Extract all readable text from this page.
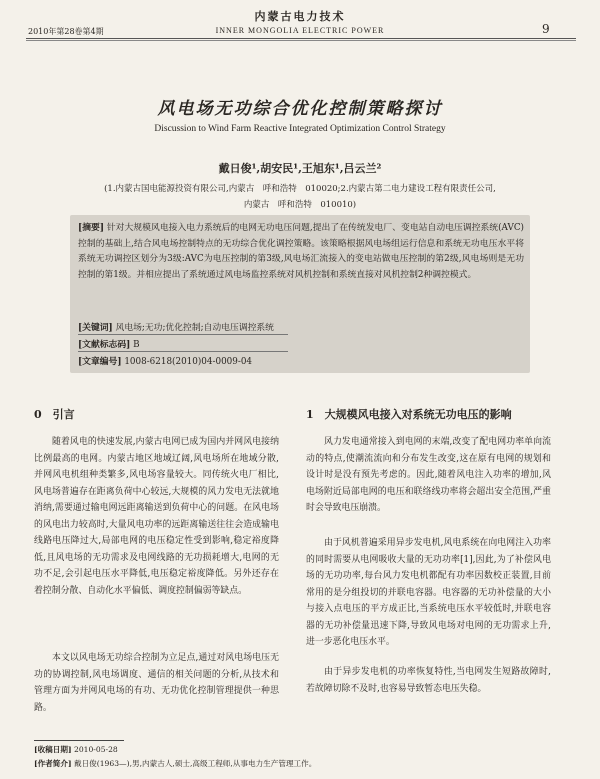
内蒙古电力技术
2010年第28卷第4期	INNER MONGOLIA ELECTRIC POWER	9
风电场无功综合优化控制策略探讨
Discussion to Wind Farm Reactive Integrated Optimization Control Strategy
戴日俊¹,胡安民¹,王旭东¹,吕云兰²
(1.内蒙古国电能源投资有限公司,内蒙古　呼和浩特　010020;2.内蒙古第二电力建设工程有限责任公司,
内蒙古　呼和浩特　010010)
[摘要] 针对大规模风电接入电力系统后的电网无功电压问题,提出了在传统发电厂、变电站自动电压调控系统(AVC)控制的基础上,结合风电场控制特点的无功综合优化调控策略。该策略根据风电场组运行信息和系统无功电压水平将系统无功调控区划分为3级:AVC为电压控制的第3级,风电场汇流接入的变电站做电压控制的第2级,风电场则是无功控制的第1级。并相应提出了系统通过风电场监控系统对风机控制和系统直接对风机控制2种调控模式。
[关键词] 风电场;无功;优化控制;自动电压调控系统
[文献标志码] B
[文章编号] 1008-6218(2010)04-0009-04
0　引言
随着风电的快速发展,内蒙古电网已成为国内并网风电接纳比例最高的电网。内蒙古地区地域辽阔,风电场所在地域分散,并网风电机组种类繁多,风电场容量较大。同传统火电厂相比,风电场普遍存在距离负荷中心较远,大规模的风力发电无法就地消纳,需要通过输电网远距离输送到负荷中心的问题。在风电场的风电出力较高时,大量风电功率的远距离输送往往会造成输电线路电压降过大,局部电网的电压稳定性受到影响,稳定裕度降低,且风电场的无功需求及电网线路的无功损耗增大,电网的无功不足,会引起电压水平降低,电压稳定裕度降低。另外还存在着控制分散、自动化水平偏低、调度控制偏弱等缺点。
本文以风电场无功综合控制为立足点,通过对风电场电压无功的协调控制,风电场调度、通信的相关问题的分析,从技术和管理方面为并网风电场的有功、无功优化控制管理提供一种思路。
1　大规模风电接入对系统无功电压的影响
风力发电通常接入到电网的末端,改变了配电网功率单向流动的特点,使潮流流向和分布发生改变,这在原有电网的规划和设计时是没有预先考虑的。因此,随着风电注入功率的增加,风电场附近局部电网的电压和联络线功率将会超出安全范围,严重时会导致电压崩溃。
由于风机普遍采用异步发电机,风电系统在向电网注入功率的同时需要从电网吸收大量的无功功率[1],因此,为了补偿风电场的无功功率,每台风力发电机都配有功率因数校正装置,目前常用的是分组投切的并联电容器。电容器的无功补偿量的大小与接入点电压的平方成正比,当系统电压水平较低时,并联电容器的无功补偿量迅速下降,导致风电场对电网的无功需求上升,进一步恶化电压水平。
由于异步发电机的功率恢复特性,当电网发生短路故障时,若故障切除不及时,也容易导致暂态电压失稳。
[收稿日期] 2010-05-28
[作者简介] 戴日俊(1963—),男,内蒙古人,硕士,高级工程师,从事电力生产管理工作。
